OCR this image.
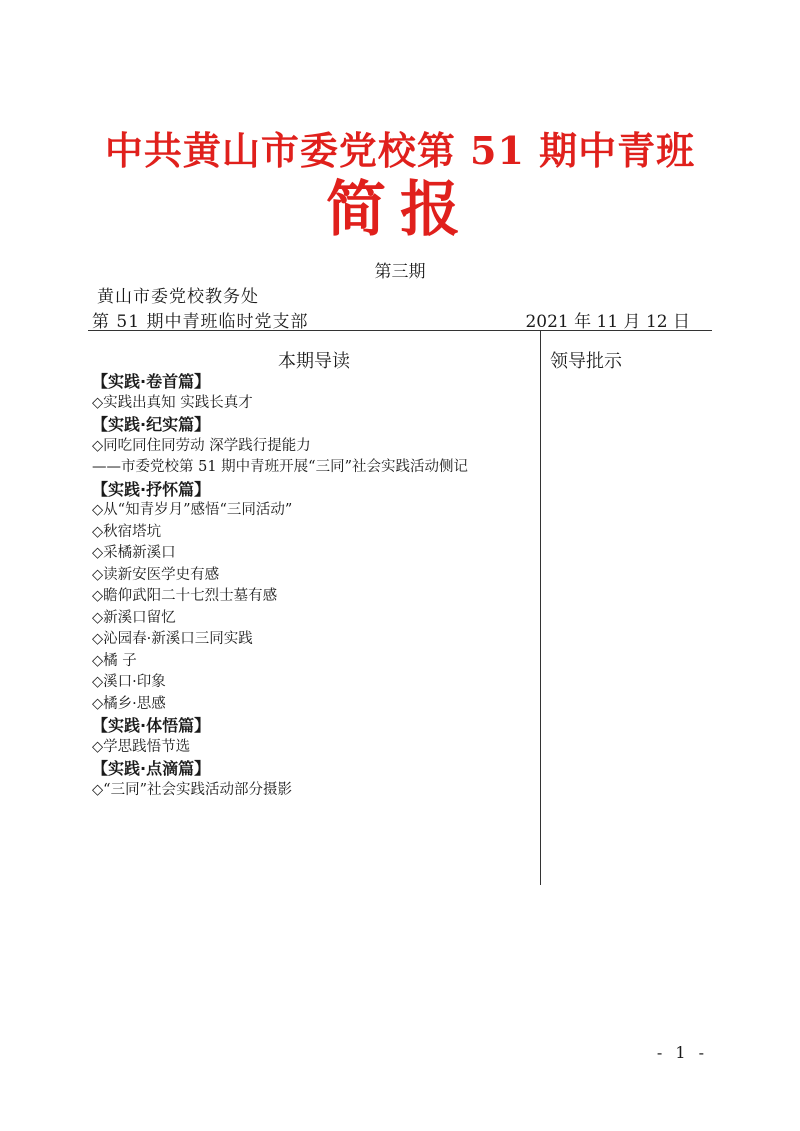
中共黄山市委党校第 51 期中青班
简报
第三期
黄山市委党校教务处
第 51 期中青班临时党支部	2021 年 11 月 12 日
本期导读	领导批示
【实践·卷首篇】
◇实践出真知 实践长真才
【实践·纪实篇】
◇同吃同住同劳动 深学践行提能力
——市委党校第 51 期中青班开展“三同”社会实践活动侧记
【实践·抒怀篇】
◇从“知青岁月”感悟“三同活动”
◇秋宿塔坑
◇采橘新溪口
◇读新安医学史有感
◇瞻仰武阳二十七烈士墓有感
◇新溪口留忆
◇沁园春·新溪口三同实践
◇橘 子
◇溪口·印象
◇橘乡·思感
【实践·体悟篇】
◇学思践悟节选
【实践·点滴篇】
◇“三同”社会实践活动部分摄影
- 1 -
